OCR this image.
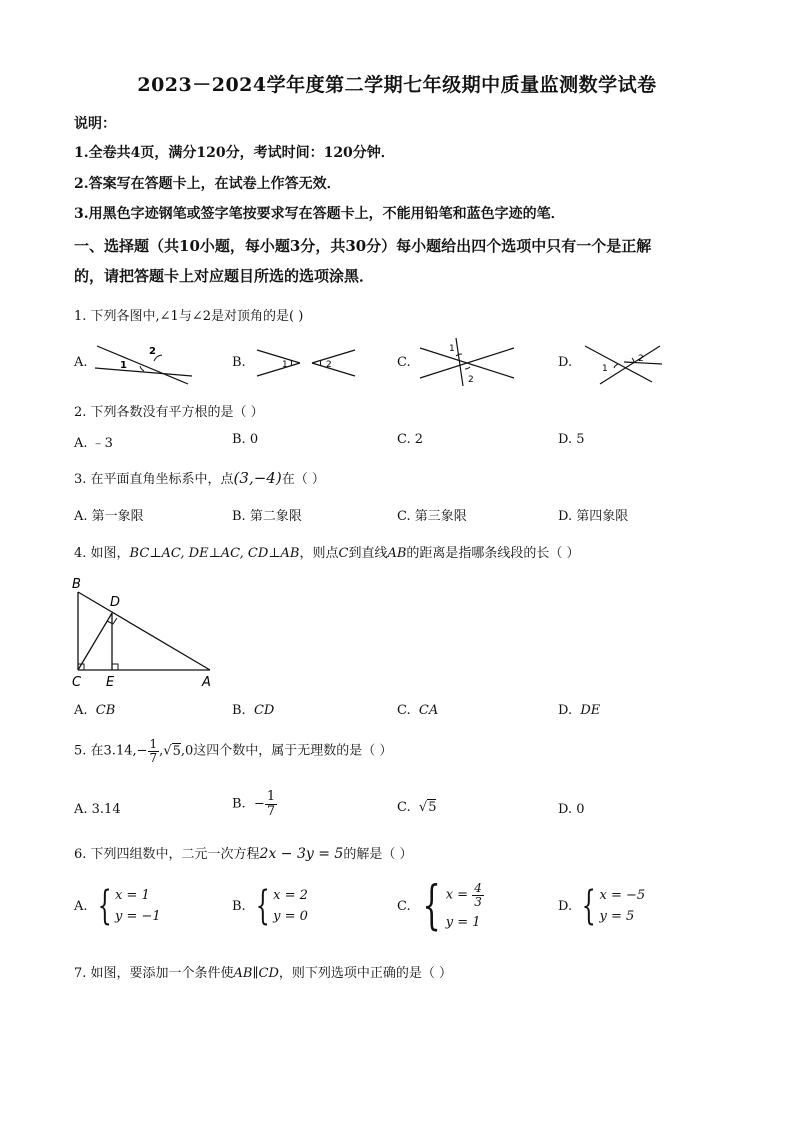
2023－2024学年度第二学期七年级期中质量监测数学试卷
说明：
1.全卷共4页，满分120分，考试时间：120分钟．
2.答案写在答题卡上，在试卷上作答无效．
3.用黑色字迹钢笔或签字笔按要求写在答题卡上，不能用铅笔和蓝色字迹的笔．
一、选择题（共10小题，每小题3分，共30分）每小题给出四个选项中只有一个是正解
的，请把答题卡上对应题目所选的选项涂黑．
1. 下列各图中,∠1与∠2是对顶角的是( )
A.	1
2
B.	1	2	C.
1
2
D.	1
2
2. 下列各数没有平方根的是（ ）
A. ﹣3	B. 0	C. 2	D. 5
3. 在平面直角坐标系中，点(3,−4)在（ ）
A. 第一象限	B. 第二象限	C. 第三象限	D. 第四象限
4. 如图，BC⊥AC, DE⊥AC, CD⊥AB，则点C到直线AB的距离是指哪条线段的长（ ）
B
D
C E	A
A. CB	B. CD	C. CA	D. DE
5. 在$3.14,- \frac{1}{7} ,√5,0$这四个数中，属于无理数的是（ ）
A. 3.14	B. − $\frac{1}{7}$	C.  √5	D. 0
6. 下列四组数中，二元一次方程2x − 3y = 5的解是（ ）
A. { x = 1
y = −1
B. { x = 2
y = 0
C. { $x = \frac{4}{3}$
y = 1
D. { x = −5
y = 5
7. 如图，要添加一个条件使AB∥CD，则下列选项中正确的是（ ）
